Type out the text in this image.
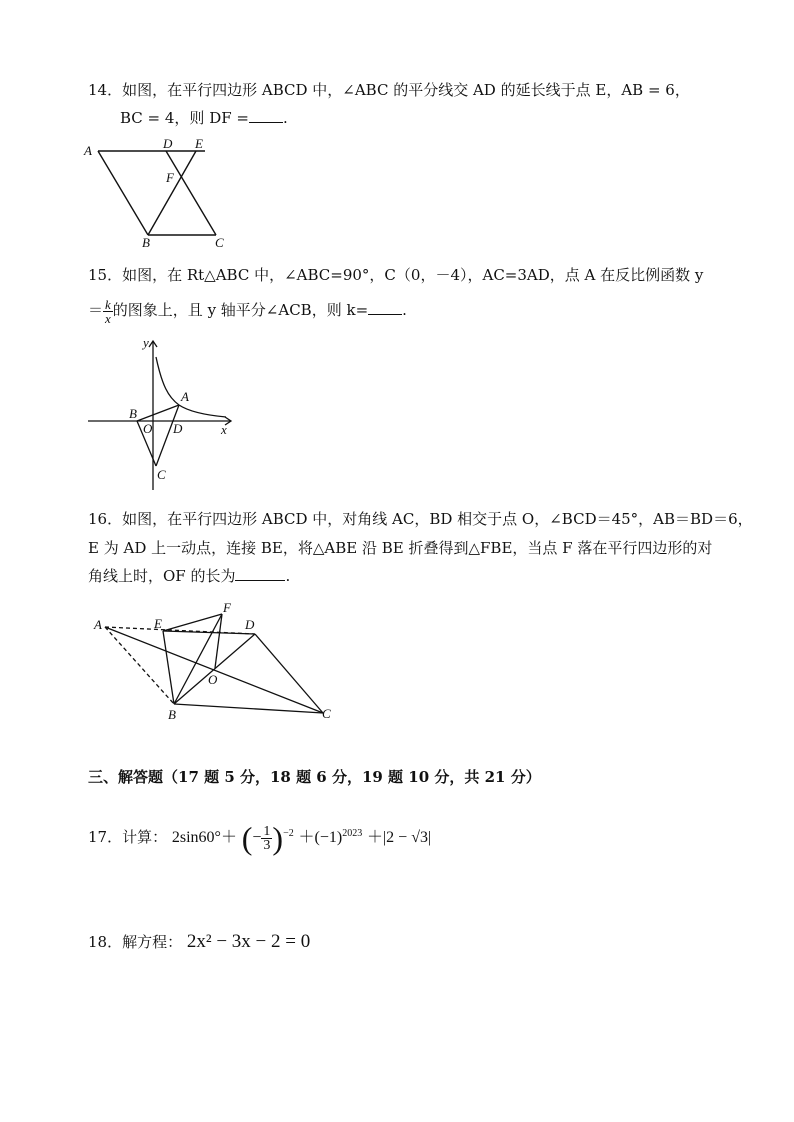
14．如图，在平行四边形 ABCD 中，∠ABC 的平分线交 AD 的延长线于点 E，AB = 6，
BC = 4，则 DF = .
A	D E
F
B	C
15．如图，在 Rt△ABC 中，∠ABC=90°，C（0，－4），AC=3AD，点 A 在反比例函数 y
＝ $\frac{k}{x}$ 的图象上，且 y 轴平分∠ACB，则 k= .
y
x
A
B
O D
C
16．如图，在平行四边形 ABCD 中，对角线 AC，BD 相交于点 O，∠BCD＝45°，AB＝BD＝6，
E 为 AD 上一动点，连接 BE，将△ABE 沿 BE 折叠得到△FBE，当点 F 落在平行四边形的对
角线上时，OF 的长为	.
A	E
F
D
O
B	C
三、解答题（17 题 5 分，18 题 6 分，19 题 10 分，共 21 分）
17．计算： 2sin60°＋ (− $\frac{1}{3} )^{-2} +(-1)^{2023} +|2 - √3|$
18．解方程： 2x² − 3x − 2 = 0
